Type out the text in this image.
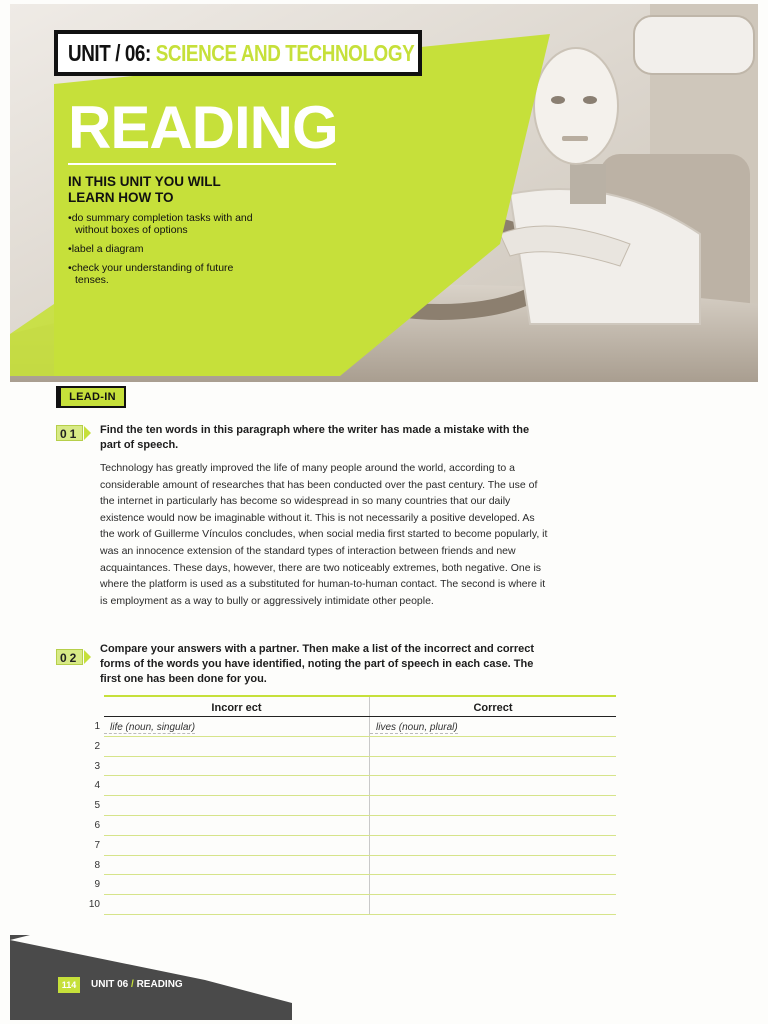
UNIT / 06: SCIENCE AND TECHNOLOGY
READING
IN THIS UNIT YOU WILL LEARN HOW TO
• do summary completion tasks with and without boxes of options
• label a diagram
• check your understanding of future tenses.
LEAD-IN
01	Find the ten words in this paragraph where the writer has made a mistake with the part of speech.
Technology has greatly improved the life of many people around the world, according to a considerable amount of researches that has been conducted over the past century. The use of the internet in particularly has become so widespread in so many countries that our daily existence would now be imaginable without it. This is not necessarily a positive developed. As the work of Guillerme Vínculos concludes, when social media first started to become popularly, it was an innocence extension of the standard types of interaction between friends and new acquaintances. These days, however, there are two noticeably extremes, both negative. One is where the platform is used as a substituted for human-to-human contact. The second is where it is employment as a way to bully or aggressively intimidate other people.
02
Compare your answers with a partner. Then make a list of the incorrect and correct forms of the words you have identified, noting the part of speech in each case. The first one has been done for you.
Incorr ect	Correct
1 life (noun, singular)	lives (noun, plural)
2
3
4
5
6
7
8
9
10
114	UNIT 06 / READING
